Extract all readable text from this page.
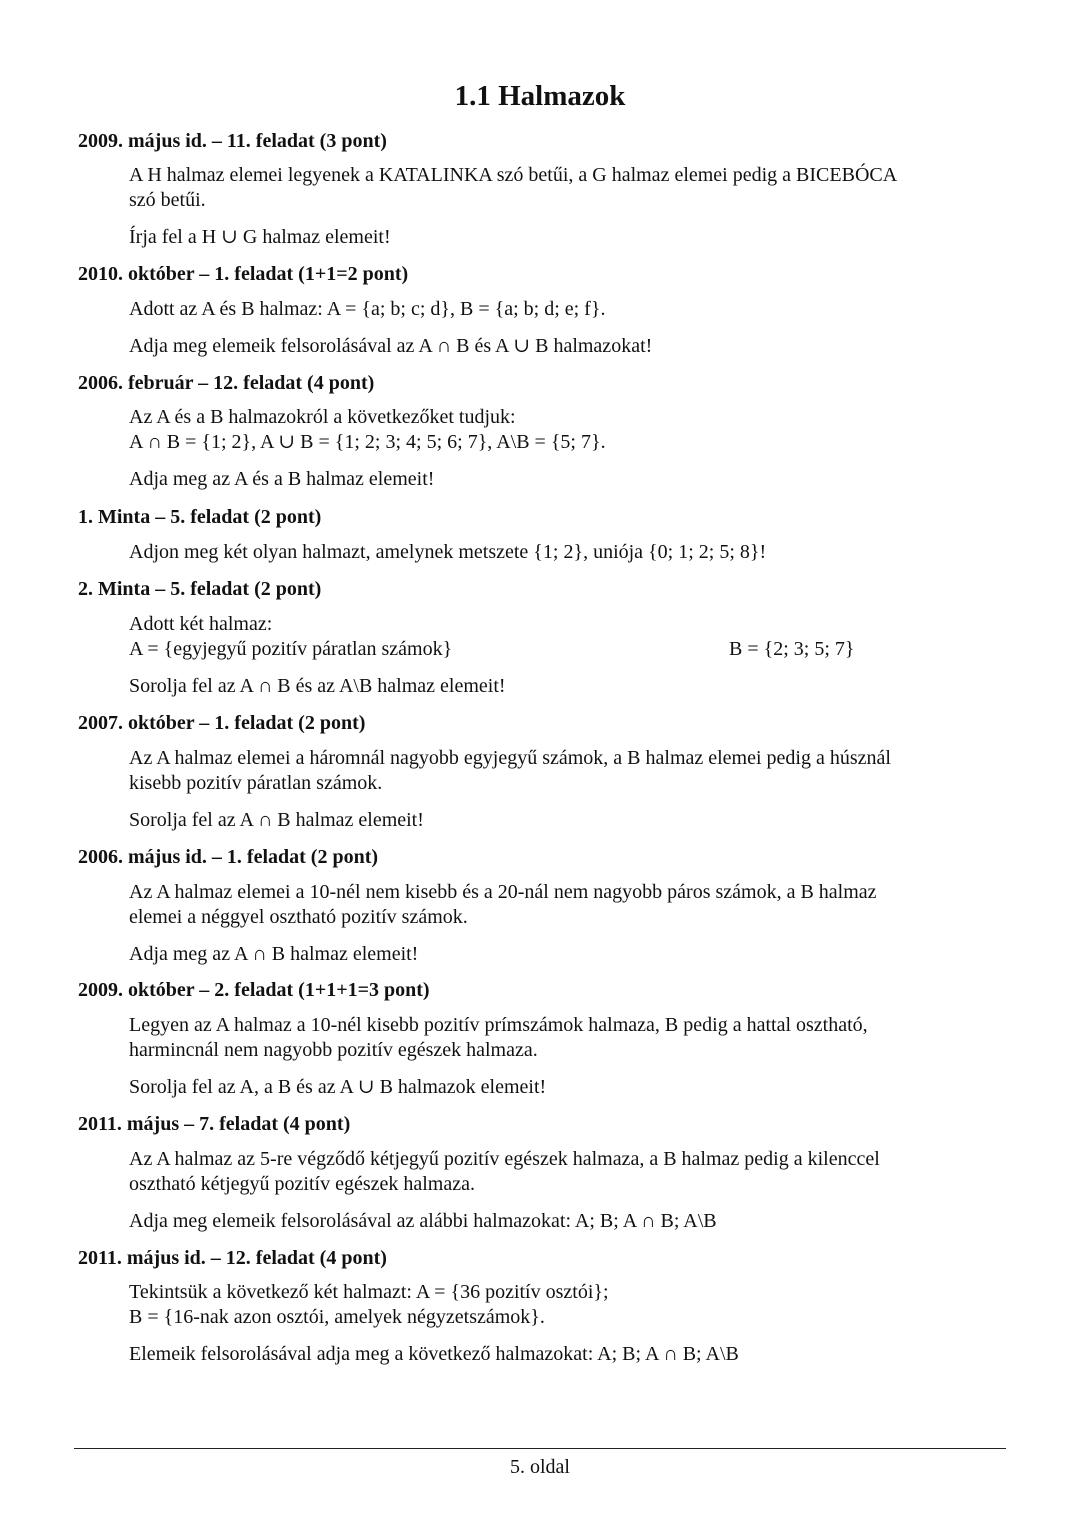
1.1 Halmazok
2009. május id. – 11. feladat (3 pont)
A H halmaz elemei legyenek a KATALINKA szó betűi, a G halmaz elemei pedig a BICEBÓCA
szó betűi.
Írja fel a H ∪ G halmaz elemeit!
2010. október – 1. feladat (1+1=2 pont)
Adott az A és B halmaz: A = {a; b; c; d}, B = {a; b; d; e; f}.
Adja meg elemeik felsorolásával az A ∩ B és A ∪ B halmazokat!
2006. február – 12. feladat (4 pont)
Az A és a B halmazokról a következőket tudjuk:
A ∩ B = {1; 2}, A ∪ B = {1; 2; 3; 4; 5; 6; 7}, A\B = {5; 7}.
Adja meg az A és a B halmaz elemeit!
1. Minta – 5. feladat (2 pont)
Adjon meg két olyan halmazt, amelynek metszete {1; 2}, uniója {0; 1; 2; 5; 8}!
2. Minta – 5. feladat (2 pont)
Adott két halmaz:
A = {egyjegyű pozitív páratlan számok}	B = {2; 3; 5; 7}
Sorolja fel az A ∩ B és az A\B halmaz elemeit!
2007. október – 1. feladat (2 pont)
Az A halmaz elemei a háromnál nagyobb egyjegyű számok, a B halmaz elemei pedig a húsznál
kisebb pozitív páratlan számok.
Sorolja fel az A ∩ B halmaz elemeit!
2006. május id. – 1. feladat (2 pont)
Az A halmaz elemei a 10-nél nem kisebb és a 20-nál nem nagyobb páros számok, a B halmaz
elemei a néggyel osztható pozitív számok.
Adja meg az A ∩ B halmaz elemeit!
2009. október – 2. feladat (1+1+1=3 pont)
Legyen az A halmaz a 10-nél kisebb pozitív prímszámok halmaza, B pedig a hattal osztható,
harmincnál nem nagyobb pozitív egészek halmaza.
Sorolja fel az A, a B és az A ∪ B halmazok elemeit!
2011. május – 7. feladat (4 pont)
Az A halmaz az 5-re végződő kétjegyű pozitív egészek halmaza, a B halmaz pedig a kilenccel
osztható kétjegyű pozitív egészek halmaza.
Adja meg elemeik felsorolásával az alábbi halmazokat: A; B; A ∩ B; A\B
2011. május id. – 12. feladat (4 pont)
Tekintsük a következő két halmazt: A = {36 pozitív osztói};
B = {16-nak azon osztói, amelyek négyzetszámok}.
Elemeik felsorolásával adja meg a következő halmazokat: A; B; A ∩ B; A\B
5. oldal
